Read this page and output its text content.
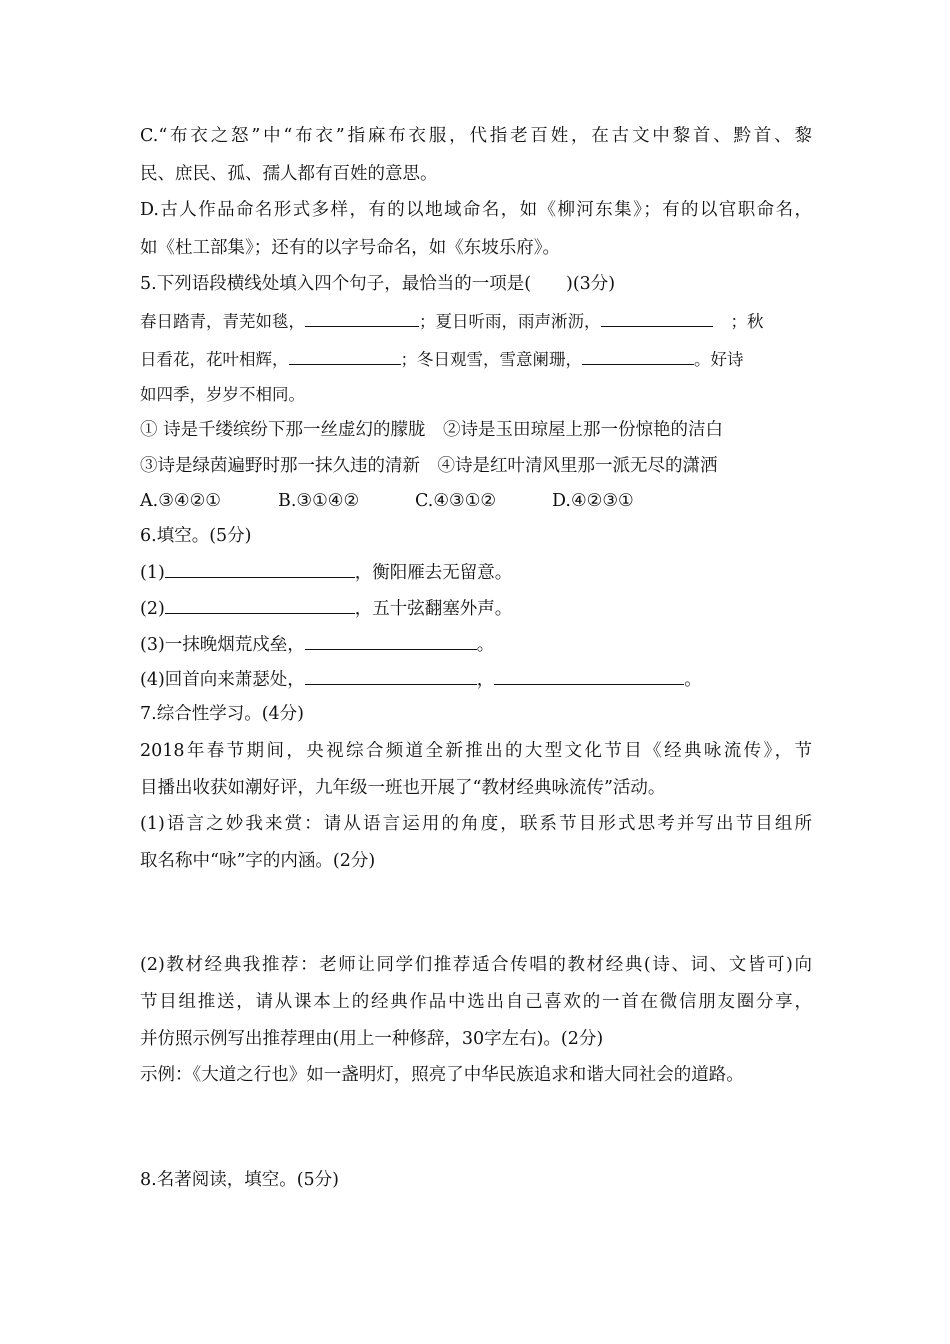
C.“布衣之怒”中“布衣”指麻布衣服，代指老百姓，在古文中黎首、黔首、黎
民、庶民、孤、孺人都有百姓的意思。
D.古人作品命名形式多样，有的以地域命名，如《柳河东集》；有的以官职命名，
如《杜工部集》；还有的以字号命名，如《东坡乐府》。
5.下列语段横线处填入四个句子，最恰当的一项是(　　)(3分)
春日踏青，青芜如毯，	；夏日听雨，雨声淅沥，	；秋
日看花，花叶相辉，	；冬日观雪，雪意阑珊，	。好诗
如四季，岁岁不相同。
① 诗是千缕缤纷下那一丝虚幻的朦胧　②诗是玉田琼屋上那一份惊艳的洁白
③诗是绿茵遍野时那一抹久违的清新　④诗是红叶清风里那一派无尽的潇洒
A.③④②①	B.③①④②	C.④③①②	D.④②③①
6.填空。(5分)
(1)	，衡阳雁去无留意。
(2)	，五十弦翻塞外声。
(3)一抹晚烟荒戍垒，	。
(4)回首向来萧瑟处，	，	。
7.综合性学习。(4分)
2018年春节期间，央视综合频道全新推出的大型文化节目《经典咏流传》，节
目播出收获如潮好评，九年级一班也开展了“教材经典咏流传”活动。
(1)语言之妙我来赏：请从语言运用的角度，联系节目形式思考并写出节目组所
取名称中“咏”字的内涵。(2分)
(2)教材经典我推荐：老师让同学们推荐适合传唱的教材经典(诗、词、文皆可)向
节目组推送，请从课本上的经典作品中选出自己喜欢的一首在微信朋友圈分享，
并仿照示例写出推荐理由(用上一种修辞，30字左右)。(2分)
示例：《大道之行也》如一盏明灯，照亮了中华民族追求和谐大同社会的道路。
8.名著阅读，填空。(5分)
